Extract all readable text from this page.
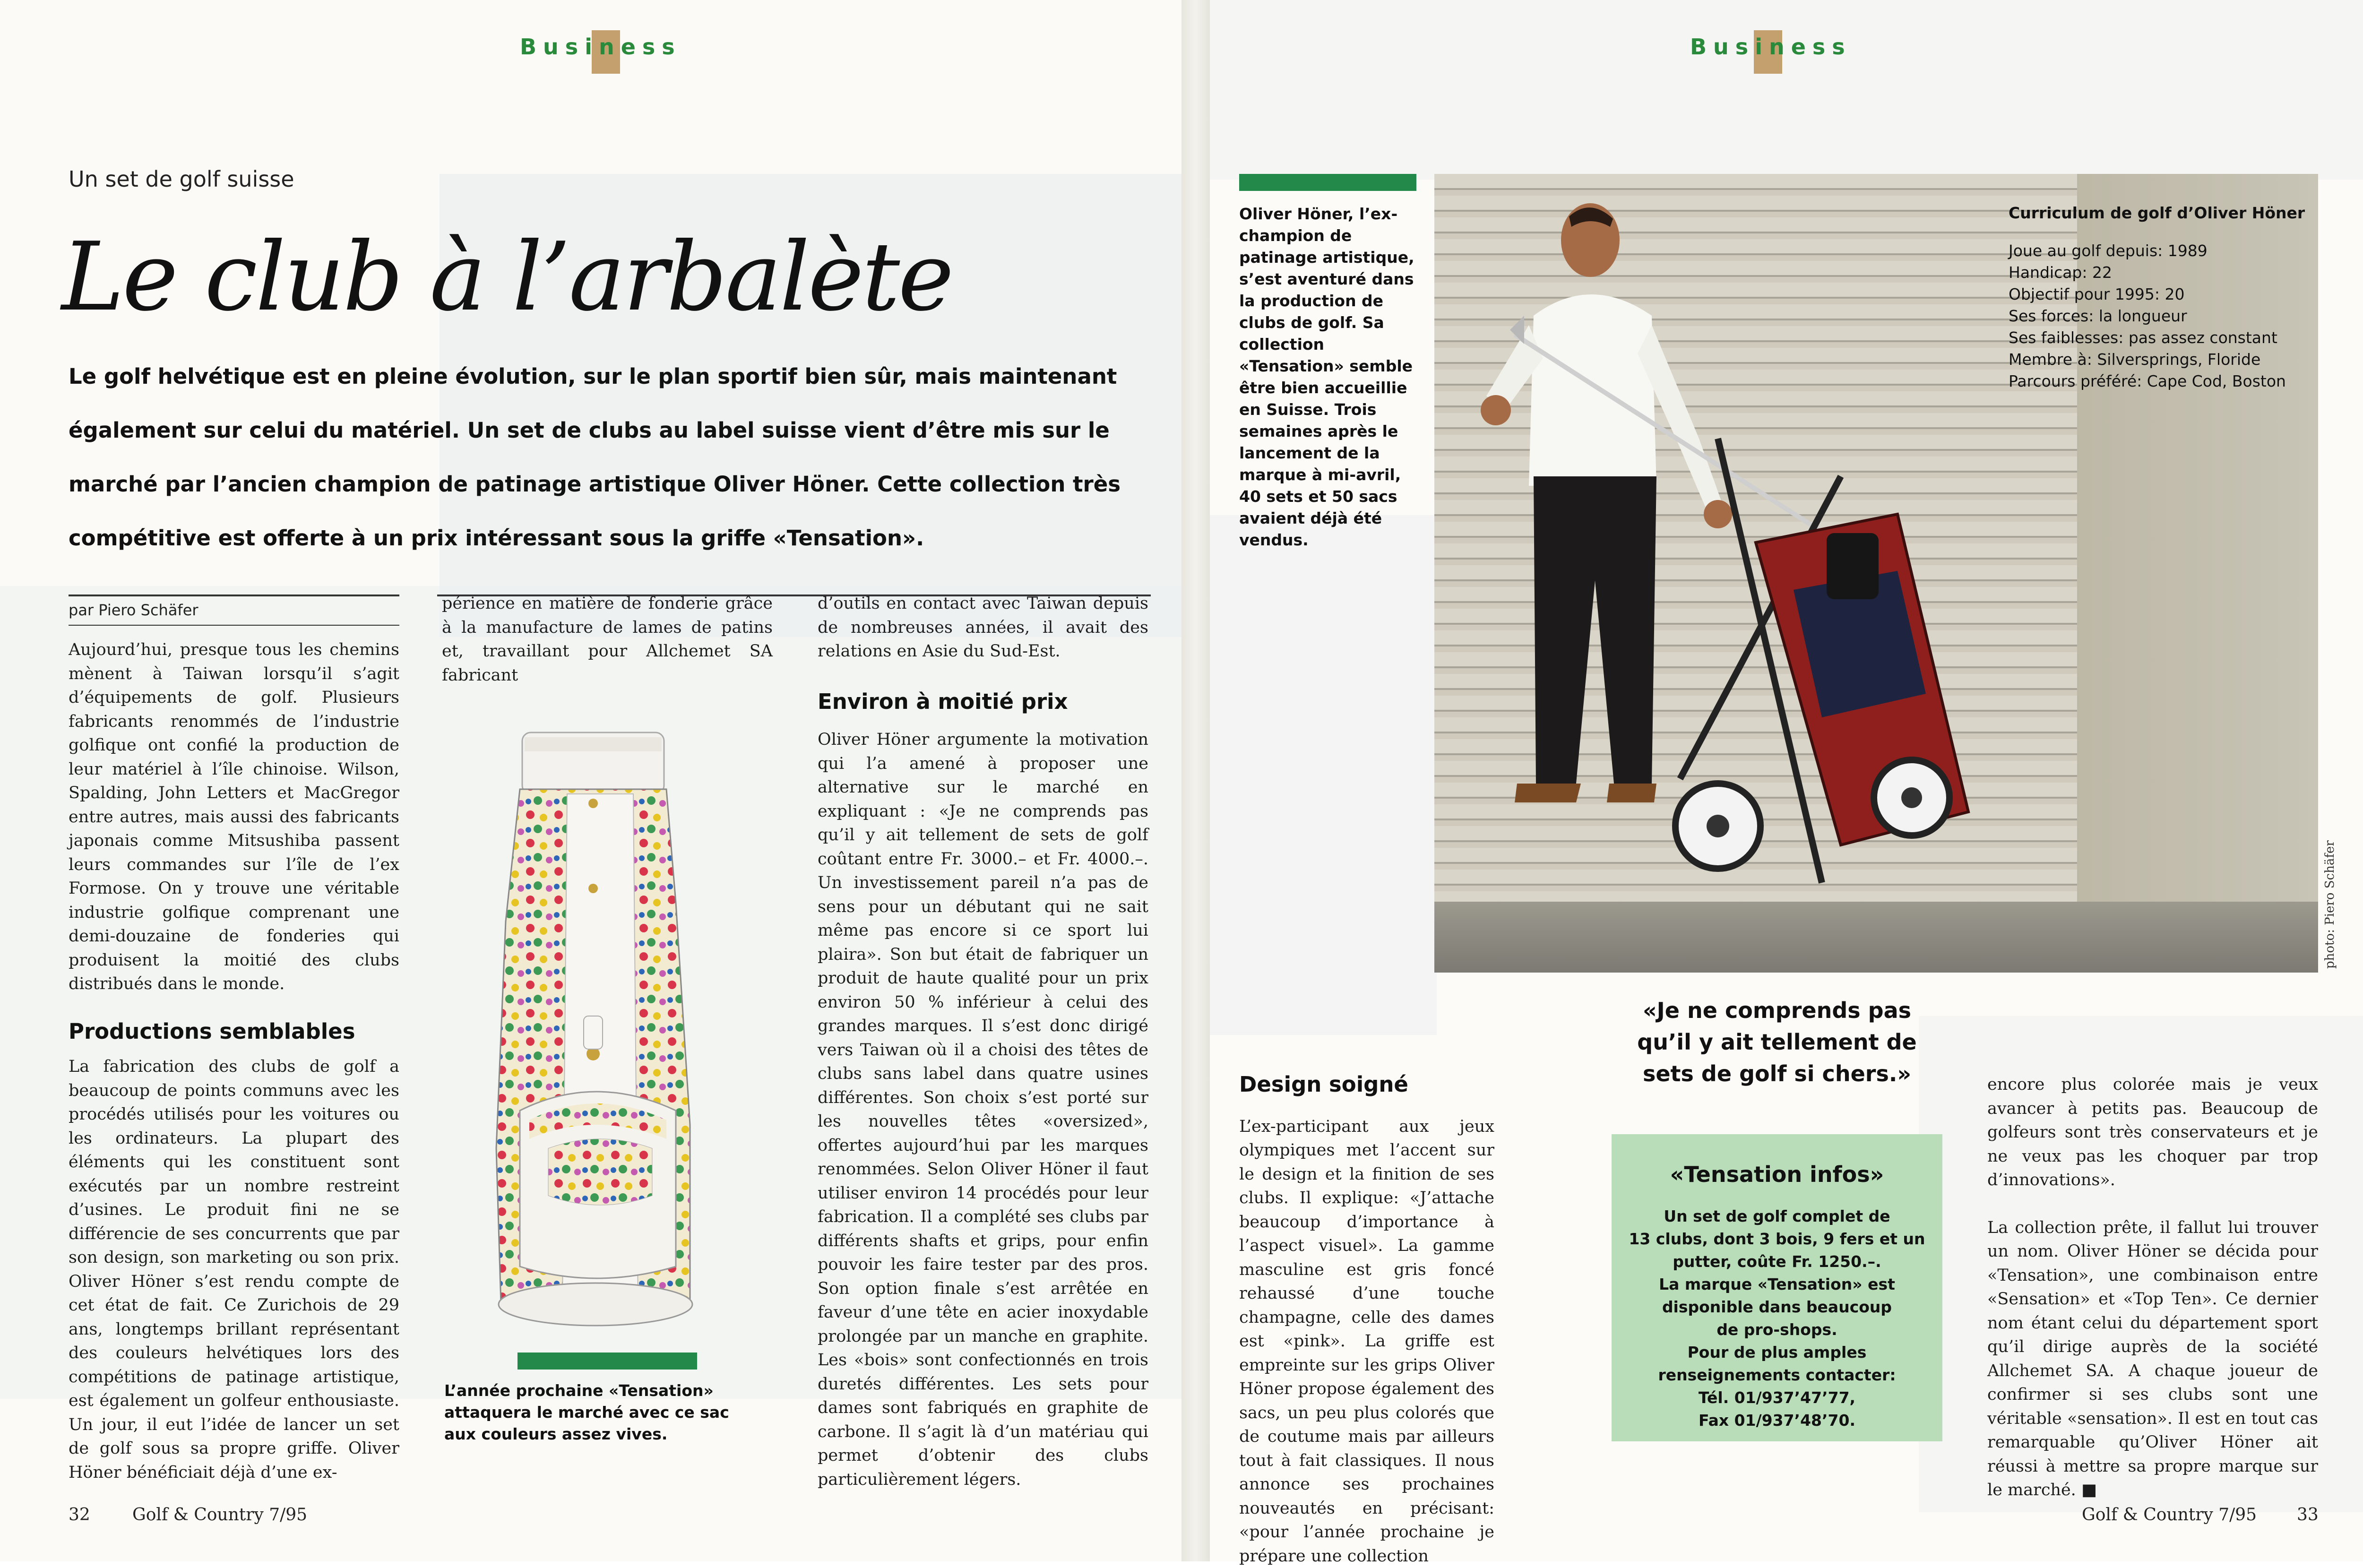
Business
Un set de golf suisse
Le club à l’arbalète
Le golf helvétique est en pleine évolution, sur le plan sportif bien sûr, mais maintenant également sur celui du matériel. Un set de clubs au label suisse vient d’être mis sur le marché par l’ancien champion de patinage artistique Oliver Höner. Cette collection très compétitive est offerte à un prix intéressant sous la griffe «Tensation».
par Piero Schäfer

Aujourd’hui, presque tous les chemins mènent à Taiwan lorsqu’il s’agit d’équipements de golf. Plusieurs fabricants renommés de l’industrie golfique ont confié la production de leur matériel à l’île chinoise. Wilson, Spalding, John Letters et MacGregor entre autres, mais aussi des fabricants japonais comme Mitsushiba passent leurs commandes sur l’île de l’ex Formose. On y trouve une véritable industrie golfique comprenant une demi-douzaine de fonderies qui produisent la moitié des clubs distribués dans le monde.

Productions semblables

La fabrication des clubs de golf a beaucoup de points communs avec les procédés utilisés pour les voitures ou les ordinateurs. La plupart des éléments qui les constituent sont exécutés par un nombre restreint d’usines. Le produit fini ne se différencie de ses concurrents que par son design, son marketing ou son prix. Oliver Höner s’est rendu compte de cet état de fait. Ce Zurichois de 29 ans, longtemps brillant représentant des couleurs helvétiques lors des compétitions de patinage artistique, est également un golfeur enthousiaste. Un jour, il eut l’idée de lancer un set de golf sous sa propre griffe. Oliver Höner bénéficiait déjà d’une ex-

périence en matière de fonderie grâce à la manufacture de lames de patins et, travaillant pour Allchemet SA fabricant

L’année prochaine «Tensation» attaquera le marché avec ce sac aux couleurs assez vives.

d’outils en contact avec Taiwan depuis de nombreuses années, il avait des relations en Asie du Sud-Est.

Environ à moitié prix

Oliver Höner argumente la motivation qui l’a amené à proposer une alternative sur le marché en expliquant : «Je ne comprends pas qu’il y ait tellement de sets de golf coûtant entre Fr. 3000.– et Fr. 4000.–. Un investissement pareil n’a pas de sens pour un débutant qui ne sait même pas encore si ce sport lui plaira». Son but était de fabriquer un produit de haute qualité pour un prix environ 50 % inférieur à celui des grandes marques. Il s’est donc dirigé vers Taiwan où il a choisi des têtes de clubs sans label dans quatre usines différentes. Son choix s’est porté sur les nouvelles têtes «oversized», offertes aujourd’hui par les marques renommées. Selon Oliver Höner il faut utiliser environ 14 procédés pour leur fabrication. Il a complété ses clubs par différents shafts et grips, pour enfin pouvoir les faire tester par des pros. Son option finale s’est arrêtée en faveur d’une tête en acier inoxydable prolongée par un manche en graphite. Les «bois» sont confectionnés en trois duretés différentes. Les sets pour dames sont fabriqués en graphite de carbone. Il s’agit là d’un matériau qui permet d’obtenir des clubs particulièrement légers.

32 Golf & Country 7/95
Business
Oliver Höner, l’ex-champion de patinage artistique, s’est aventuré dans la production de clubs de golf. Sa collection «Tensation» semble être bien accueillie en Suisse. Trois semaines après le lancement de la marque à mi-avril, 40 sets et 50 sacs avaient déjà été vendus.
Curriculum de golf d’Oliver Höner
Joue au golf depuis: 1989
Handicap: 22
Objectif pour 1995: 20
Ses forces: la longueur
Ses faiblesses: pas assez constant
Membre à: Silversprings, Floride
Parcours préféré: Cape Cod, Boston
photo: Piero Schäfer
«Je ne comprends pas qu’il y ait tellement de sets de golf si chers.»
«Tensation infos»
Un set de golf complet de
13 clubs, dont 3 bois, 9 fers et un
putter, coûte Fr. 1250.–.
La marque «Tensation» est
disponible dans beaucoup
de pro-shops.
Pour de plus amples
renseignements contacter:
Tél. 01/937’47’77,
Fax 01/937’48’70.

Design soigné

L’ex-participant aux jeux olympiques met l’accent sur le design et la finition de ses clubs. Il explique: «J’attache beaucoup d’importance à l’aspect visuel». La gamme masculine est gris foncé rehaussé d’une touche champagne, celle des dames est «pink». La griffe est empreinte sur les grips Oliver Höner propose également des sacs, un peu plus colorés que de coutume mais par ailleurs tout à fait classiques. Il nous annonce ses prochaines nouveautés en précisant: «pour l’année prochaine je prépare une collection

encore plus colorée mais je veux avancer à petits pas. Beaucoup de golfeurs sont très conservateurs et je ne veux pas les choquer par trop d’innovations».

La collection prête, il fallut lui trouver un nom. Oliver Höner se décida pour «Tensation», une combinaison entre «Sensation» et «Top Ten». Ce dernier nom étant celui du département sport qu’il dirige auprès de la société Allchemet SA. A chaque joueur de confirmer si ses clubs sont une véritable «sensation». Il est en tout cas remarquable qu’Oliver Höner ait réussi à mettre sa propre marque sur le marché. ■

Golf & Country 7/95 33
